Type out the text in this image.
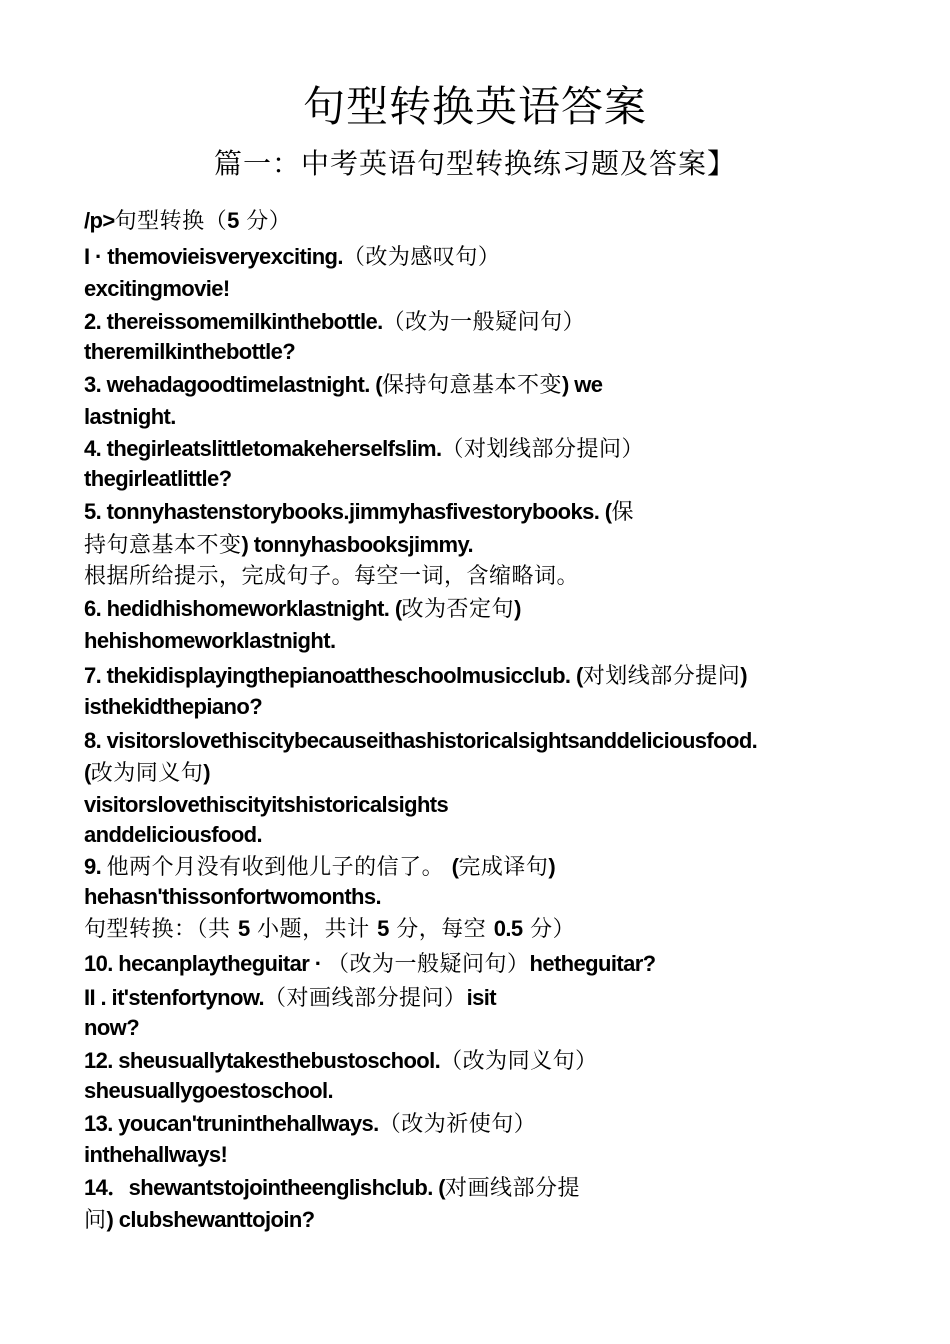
句型转换英语答案
篇一：中考英语句型转换练习题及答案】
/p>句型转换（5 分）
I · themovieisveryexciting.（改为感叹句）
excitingmovie!
2. thereissomemilkinthebottle.（改为一般疑问句）
theremilkinthebottle?
3. wehadagoodtimelastnight. (保持句意基本不变) we
lastnight.
4. thegirleatslittletomakeherselfslim.（对划线部分提问）
thegirleatlittle?
5. tonnyhastenstorybooks.jimmyhasfivestorybooks. (保
持句意基本不变) tonnyhasbooksjimmy.
根据所给提示，完成句子。每空一词，含缩略词。
6. hedidhishomeworklastnight. (改为否定句)
hehishomeworklastnight.
7. thekidisplayingthepianoattheschoolmusicclub. (对划线部分提问)
isthekidthepiano?
8. visitorslovethiscitybecauseithashistoricalsightsanddeliciousfood.
(改为同义句)
visitorslovethiscityitshistoricalsights
anddeliciousfood.
9. 他两个月没有收到他儿子的信了。 (完成译句)
hehasn'thissonfortwomonths.
句型转换：（共 5 小题，共计 5 分，每空 0.5 分）
10. hecanplaytheguitar · （改为一般疑问句）hetheguitar?
II . it'stenfortynow.（对画线部分提问）isit
now?
12. sheusuallytakesthebustoschool.（改为同义句）
sheusuallygoestoschool.
13. youcan'truninthehallways.（改为祈使句）
inthehallways!
14．shewantstojointheenglishclub. (对画线部分提
问) clubshewanttojoin?
